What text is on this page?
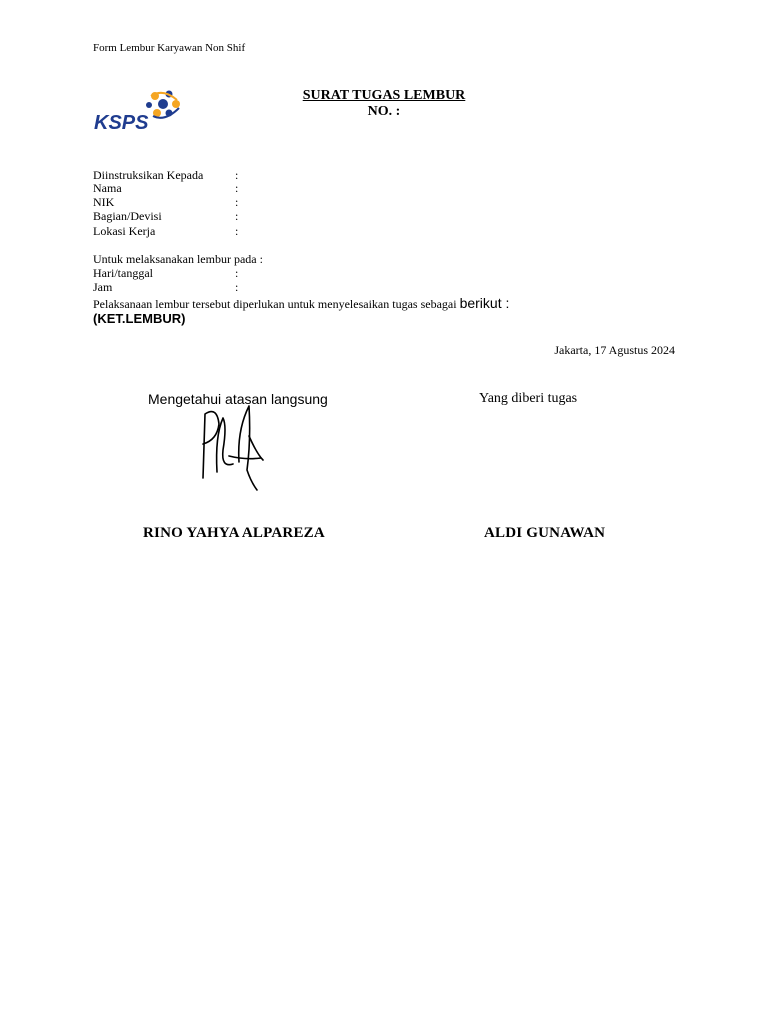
Form Lembur Karyawan Non Shif
KSPS
SURAT TUGAS LEMBUR
NO. :
Diinstruksikan Kepada	:
Nama	:
NIK	:
Bagian/Devisi	:
Lokasi Kerja	:
Untuk melaksanakan lembur pada :
Hari/tanggal	:
Jam	:
Pelaksanaan lembur tersebut diperlukan untuk menyelesaikan tugas sebagai berikut :
(KET.LEMBUR)
Jakarta, 17 Agustus 2024
Mengetahui atasan langsung	Yang diberi tugas
RINO YAHYA ALPAREZA	ALDI GUNAWAN
